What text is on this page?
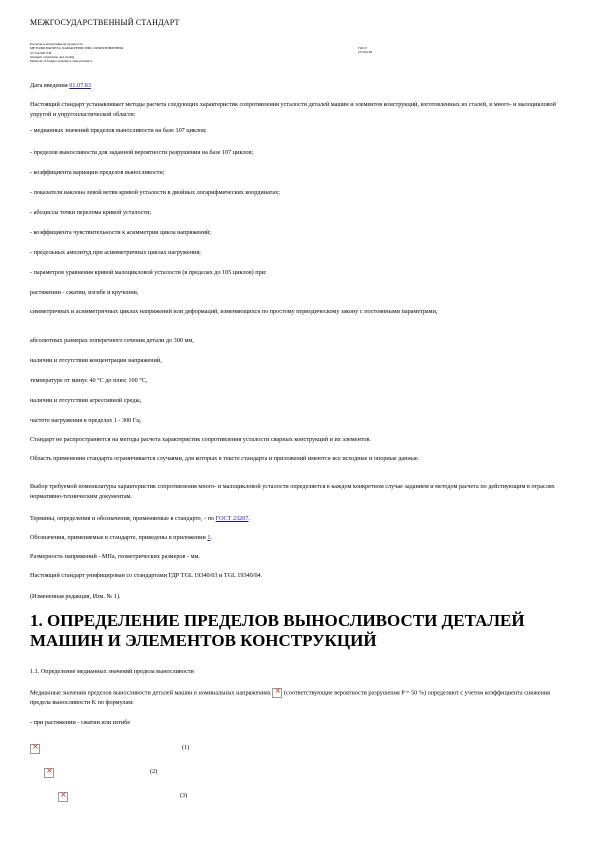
МЕЖГОСУДАРСТВЕННЫЙ СТАНДАРТ
Расчеты и испытания на прочность
МЕТОДЫ РАСЧЕТА ХАРАКТЕРИСТИК СОПРОТИВЛЕНИЯ
УСТАЛОСТИ
Strength calculation and testing
Methods of fatigue resistance characteristics
ГОСТ
25.504-82
Дата введения 01.07.83
Настоящий стандарт устанавливает методы расчета следующих характеристик сопротивления усталости деталей машин и элементов конструкций, изготовленных из сталей, в много- и малоцикловой упругой и упругопластической области:
- медианных значений пределов выносливости на базе 107 циклов;
- пределов выносливости для заданной вероятности разрушения на базе 107 циклов;
- коэффициента вариации пределов выносливости;
- показателя наклона левой ветви кривой усталости в двойных логарифмических координатах;
- абсциссы точки перелома кривой усталости;
- коэффициента чувствительности к асимметрии цикла напряжений;
- предельных амплитуд при асимметричных циклах нагружения;
- параметров уравнения кривой малоцикловой усталости (в пределах до 105 циклов) при:
растяжении - сжатии, изгибе и кручении,
симметричных и асимметричных циклах напряжений или деформаций, изменяющихся по простому периодическому закону с постоянными параметрами,
абсолютных размерах поперечного сечения детали до 300 мм,
наличии и отсутствии концентрации напряжений,
температуре от минус 40 °С до плюс 100 °С,
наличии и отсутствии агрессивной среды,
частоте нагружения в пределах 1 - 300 Гц.
Стандарт не распространяется на методы расчета характеристик сопротивления усталости сварных конструкций и их элементов.
Область применения стандарта ограничивается случаями, для которых в тексте стандарта и приложений имеются все исходные и опорные данные.
Выбор требуемой номенклатуры характеристик сопротивления много- и малоцикловой усталости определяется в каждом конкретном случае заданием и методом расчета по действующим в отраслях нормативно-техническим документам.
Термины, определения и обозначения, применяемые в стандарте, - по ГОСТ 23207.
Обозначения, применяемые в стандарте, приведены в приложении 1.
Размерность напряжений - МПа, геометрических размеров - мм.
Настоящий стандарт унифицирован со стандартами ГДР TGL 19340/03 и TGL 19340/04.
(Измененная редакция, Изм. № 1).
1. ОПРЕДЕЛЕНИЕ ПРЕДЕЛОВ ВЫНОСЛИВОСТИ ДЕТАЛЕЙ МАШИН И ЭЛЕМЕНТОВ КОНСТРУКЦИЙ
1.1. Определение медианных значений предела выносливости
Медианные значения пределов выносливости деталей машин в номинальных напряжениях × (соответствующие вероятности разрушения P = 50 %) определяют с учетом коэффициента снижения предела выносливости K по формулам:
- при растяжении - сжатии или изгибе
×
(1)
×
(2)
×
(3)
